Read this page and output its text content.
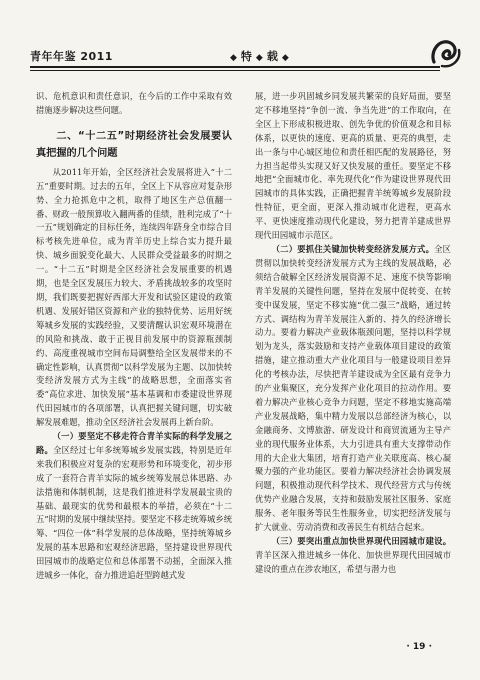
青年年鉴 2011	◆ 特 ◆ 载 ◆

识、危机意识和责任意识，在今后的工作中采取有效措施逐步解决这些问题。

二、“十二五”时期经济社会发展要认真把握的几个问题

从2011年开始，全区经济社会发展将进入“十二五”重要时期。过去的五年，全区上下从容应对复杂形势、全力抢抓危中之机，取得了地区生产总值翻一番、财政一般预算收入翻两番的佳绩，胜利完成了“十一五”规划确定的目标任务，连续四年跻身全市综合目标考核先进单位，成为青羊历史上综合实力提升最快、城乡面貌变化最大、人民群众受益最多的时期之一。“十二五”时期是全区经济社会发展重要的机遇期，也是全区发展压力较大、矛盾挑战较多的攻坚时期，我们既要把握好西部大开发和试验区建设的政策机遇、发展好错区资源和产业的独特优势、运用好统筹城乡发展的实践经验，又要清醒认识宏观环境潜在的风险和挑战、敢于正视目前发展中的资源瓶颈制约、高度重视城市空间布局调整给全区发展带来的不确定性影响，认真贯彻“以科学发展为主题、以加快转变经济发展方式为主线”的战略思想，全面落实省委“高位求进、加快发展”基本基调和市委建设世界现代田园城市的各项部署，认真把握关键问题，切实破解发展难题，推动全区经济社会发展再上新台阶。

（一）要坚定不移走符合青羊实际的科学发展之路。全区经过七年多统筹城乡发展实践，特别是近年来我们积极应对复杂的宏观形势和环境变化，初步形成了一套符合青羊实际的城乡统筹发展总体思路、办法措施和体制机制，这是我们推进科学发展最宝贵的基础、最现实的优势和最根本的举措，必须在“十二五”时期的发展中继续坚持。要坚定不移走统筹城乡统筹、“四位一体”科学发展的总体战略，坚持统筹城乡发展的基本思路和宏观经济思路，坚持建设世界现代田园城市的战略定位和总体部署不动摇，全面深入推进城乡一体化，奋力推进追赶型跨越式发

展，进一步巩固城乡同发展共繁荣的良好局面，要坚定不移地坚持“争创一流、争当先进”的工作取向，在全区上下形成积极进取、创先争优的价值观念和目标体系，以更快的速度、更高的质量、更亮的典型，走出一条与中心城区地位和责任相匹配的发展路径，努力担当起带头实现又好又快发展的重任。要坚定不移地把“全面城市化、率先现代化”作为建设世界现代田园城市的具体实践，正确把握青羊统筹城乡发展阶段性特征，更全面，更深入推动城市化进程，更高水平、更快速度推动现代化建设，努力把青羊建成世界现代田园城市示范区。

（二）要抓住关键加快转变经济发展方式。全区贯彻以加快转变经济发展方式为主线的发展战略，必须结合破解全区经济发展资源不足、速度不快等影响青羊发展的关键性问题，坚持在发展中促转变、在转变中谋发展，坚定不移实施“优二强三”战略，通过转方式、调结构为青羊发展注入新的、持久的经济增长动力。要着力解决产业载体瓶颈问题，坚持以科学规划为龙头，落实鼓励和支持产业载体项目建设的政策措施，建立推动重大产业化项目与一般建设项目差异化的考核办法，尽快把青羊建设成为全区最有竞争力的产业集聚区，充分发挥产业化项目的拉动作用。要着力解决产业核心竞争力问题，坚定不移地实施高端产业发展战略，集中精力发展以总部经济为核心，以金融商务、文博旅游、研发设计和商贸流通为主导产业的现代服务业体系，大力引进具有重大支撑带动作用的大企业大集团，培育打造产业关联度高、核心凝聚力强的产业功能区。要着力解决经济社会协调发展问题，积极推动现代科学技术、现代经营方式与传统优势产业融合发展，支持和鼓励发展社区服务、家庭服务、老年服务等民生性服务业，切实把经济发展与扩大就业、劳动消费和改善民生有机结合起来。

（三）要突出重点加快世界现代田园城市建设。青羊区深入推进城乡一体化、加快世界现代田园城市建设的重点在涉农地区，希望与潜力也

· 19 ·
